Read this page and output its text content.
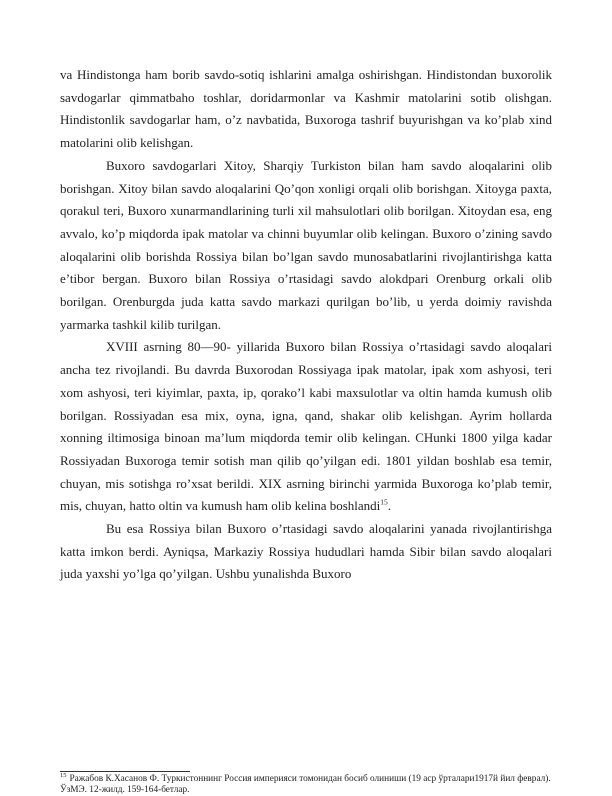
va Hindistonga ham borib savdo-sotiq ishlarini amalga oshirishgan. Hindistondan buxorolik savdogarlar qimmatbaho toshlar, doridarmonlar va Kashmir matolarini sotib olishgan. Hindistonlik savdogarlar ham, o’z navbatida, Buxoroga tashrif buyurishgan va ko’plab xind matolarini olib kelishgan.

Buxoro savdogarlari Xitoy, Sharqiy Turkiston bilan ham savdo aloqalarini olib borishgan. Xitoy bilan savdo aloqalarini Qo’qon xonligi orqali olib borishgan. Xitoyga paxta, qorakul teri, Buxoro xunarmandlarining turli xil mahsulotlari olib borilgan. Xitoydan esa, eng avvalo, ko’p miqdorda ipak matolar va chinni buyumlar olib kelingan. Buxoro o’zining savdo aloqalarini olib borishda Rossiya bilan bo’lgan savdo munosabatlarini rivojlantirishga katta e’tibor bergan. Buxoro bilan Rossiya o’rtasidagi savdo alokdpari Orenburg orkali olib borilgan. Orenburgda juda katta savdo markazi qurilgan bo’lib, u yerda doimiy ravishda yarmarka tashkil kilib turilgan.

XVIII asrning 80—90- yillarida Buxoro bilan Rossiya o’rtasidagi savdo aloqalari ancha tez rivojlandi. Bu davrda Buxorodan Rossiyaga ipak matolar, ipak xom ashyosi, teri xom ashyosi, teri kiyimlar, paxta, ip, qorako’l kabi maxsulotlar va oltin hamda kumush olib borilgan. Rossiyadan esa mix, oyna, igna, qand, shakar olib kelishgan. Ayrim hollarda xonning iltimosiga binoan ma’lum miqdorda temir olib kelingan. CHunki 1800 yilga kadar Rossiyadan Buxoroga temir sotish man qilib qo’yilgan edi. 1801 yildan boshlab esa temir, chuyan, mis sotishga ro’xsat berildi. XIX asrning birinchi yarmida Buxoroga ko’plab temir, mis, chuyan, hatto oltin va kumush ham olib kelina boshlandi$^{15}$.

Bu esa Rossiya bilan Buxoro o’rtasidagi savdo aloqalarini yanada rivojlantirishga katta imkon berdi. Ayniqsa, Markaziy Rossiya hududlari hamda Sibir bilan savdo aloqalari juda yaxshi yo’lga qo’yilgan. Ushbu yunalishda Buxoro

$^{15}$ Ражабов К.Хасанов Ф. Туркистоннинг Россия империяси томонидан босиб олиниши (19 аср ўрталари1917й йил феврал). ЎзМЭ. 12-жилд. 159-164-бетлар.
